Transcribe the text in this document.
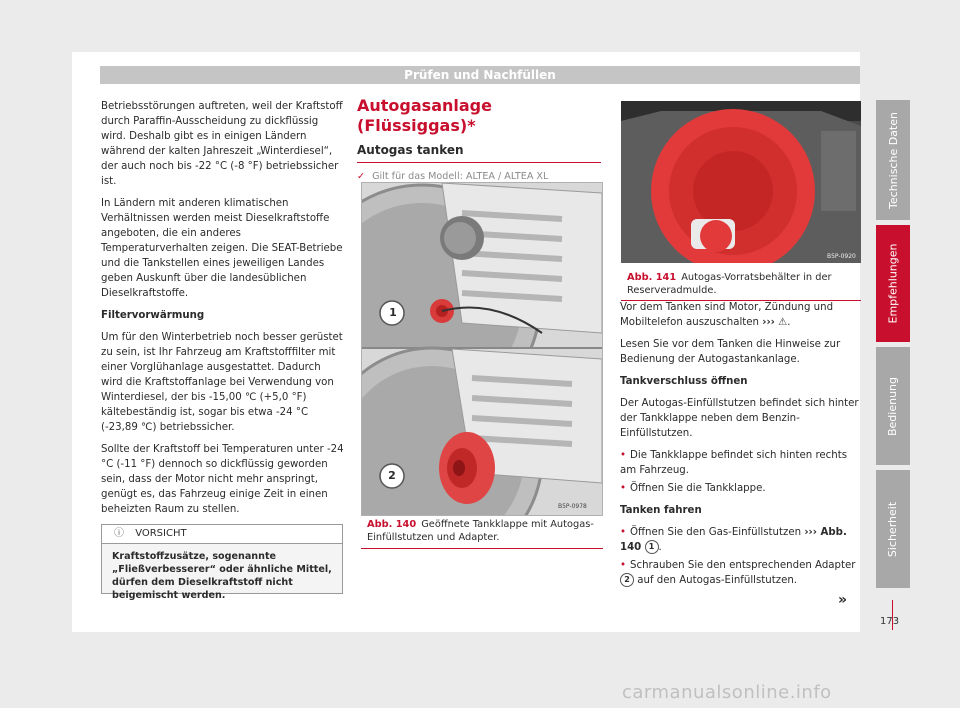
Prüfen und Nachfüllen

Betriebsstörungen auftreten, weil der Kraftstoff durch Paraffin-Ausscheidung zu dickflüssig wird. Deshalb gibt es in einigen Ländern während der kalten Jahreszeit „Winterdiesel“, der auch noch bis -22 °C (-8 °F) betriebssicher ist.

In Ländern mit anderen klimatischen Verhältnissen werden meist Dieselkraftstoffe angeboten, die ein anderes Temperaturverhalten zeigen. Die SEAT-Betriebe und die Tankstellen eines jeweiligen Landes geben Auskunft über die landesüblichen Dieselkraftstoffe.

Filtervorwärmung

Um für den Winterbetrieb noch besser gerüstet zu sein, ist Ihr Fahrzeug am Kraftstofffilter mit einer Vorglühanlage ausgestattet. Dadurch wird die Kraftstoffanlage bei Verwendung von Winterdiesel, der bis -15,00 ℃ (+5,0 °F) kältebeständig ist, sogar bis etwa -24 °C (-23,89 ℃) betriebssicher.

Sollte der Kraftstoff bei Temperaturen unter -24 °C (-11 °F) dennoch so dickflüssig geworden sein, dass der Motor nicht mehr anspringt, genügt es, das Fahrzeug einige Zeit in einen beheizten Raum zu stellen.

ⓘ VORSICHT
Kraftstoffzusätze, sogenannte „Fließverbesserer“ oder ähnliche Mittel, dürfen dem Dieselkraftstoff nicht beigemischt werden.
Autogasanlage (Flüssiggas)*
Autogas tanken
✓ Gilt für das Modell: ALTEA / ALTEA XL
1
2
B5P-0978
Abb. 140 Geöffnete Tankklappe mit Autogas-Einfüllstutzen und Adapter.
B5P-0920
Abb. 141 Autogas-Vorratsbehälter in der Reserveradmulde.

Vor dem Tanken sind Motor, Zündung und Mobiltelefon auszuschalten ››› ⚠.

Lesen Sie vor dem Tanken die Hinweise zur Bedienung der Autogastankanlage.

Tankverschluss öffnen

Der Autogas-Einfüllstutzen befindet sich hinter der Tankklappe neben dem Benzin-Einfüllstutzen.

• Die Tankklappe befindet sich hinten rechts am Fahrzeug.

• Öffnen Sie die Tankklappe.

Tanken fahren

• Öffnen Sie den Gas-Einfüllstutzen ››› Abb. 140 1 .

• Schrauben Sie den entsprechenden Adapter 2 auf den Autogas-Einfüllstutzen.

»
Technische Daten
Empfehlungen
Bedienung
Sicherheit
173
carmanualsonline.info
